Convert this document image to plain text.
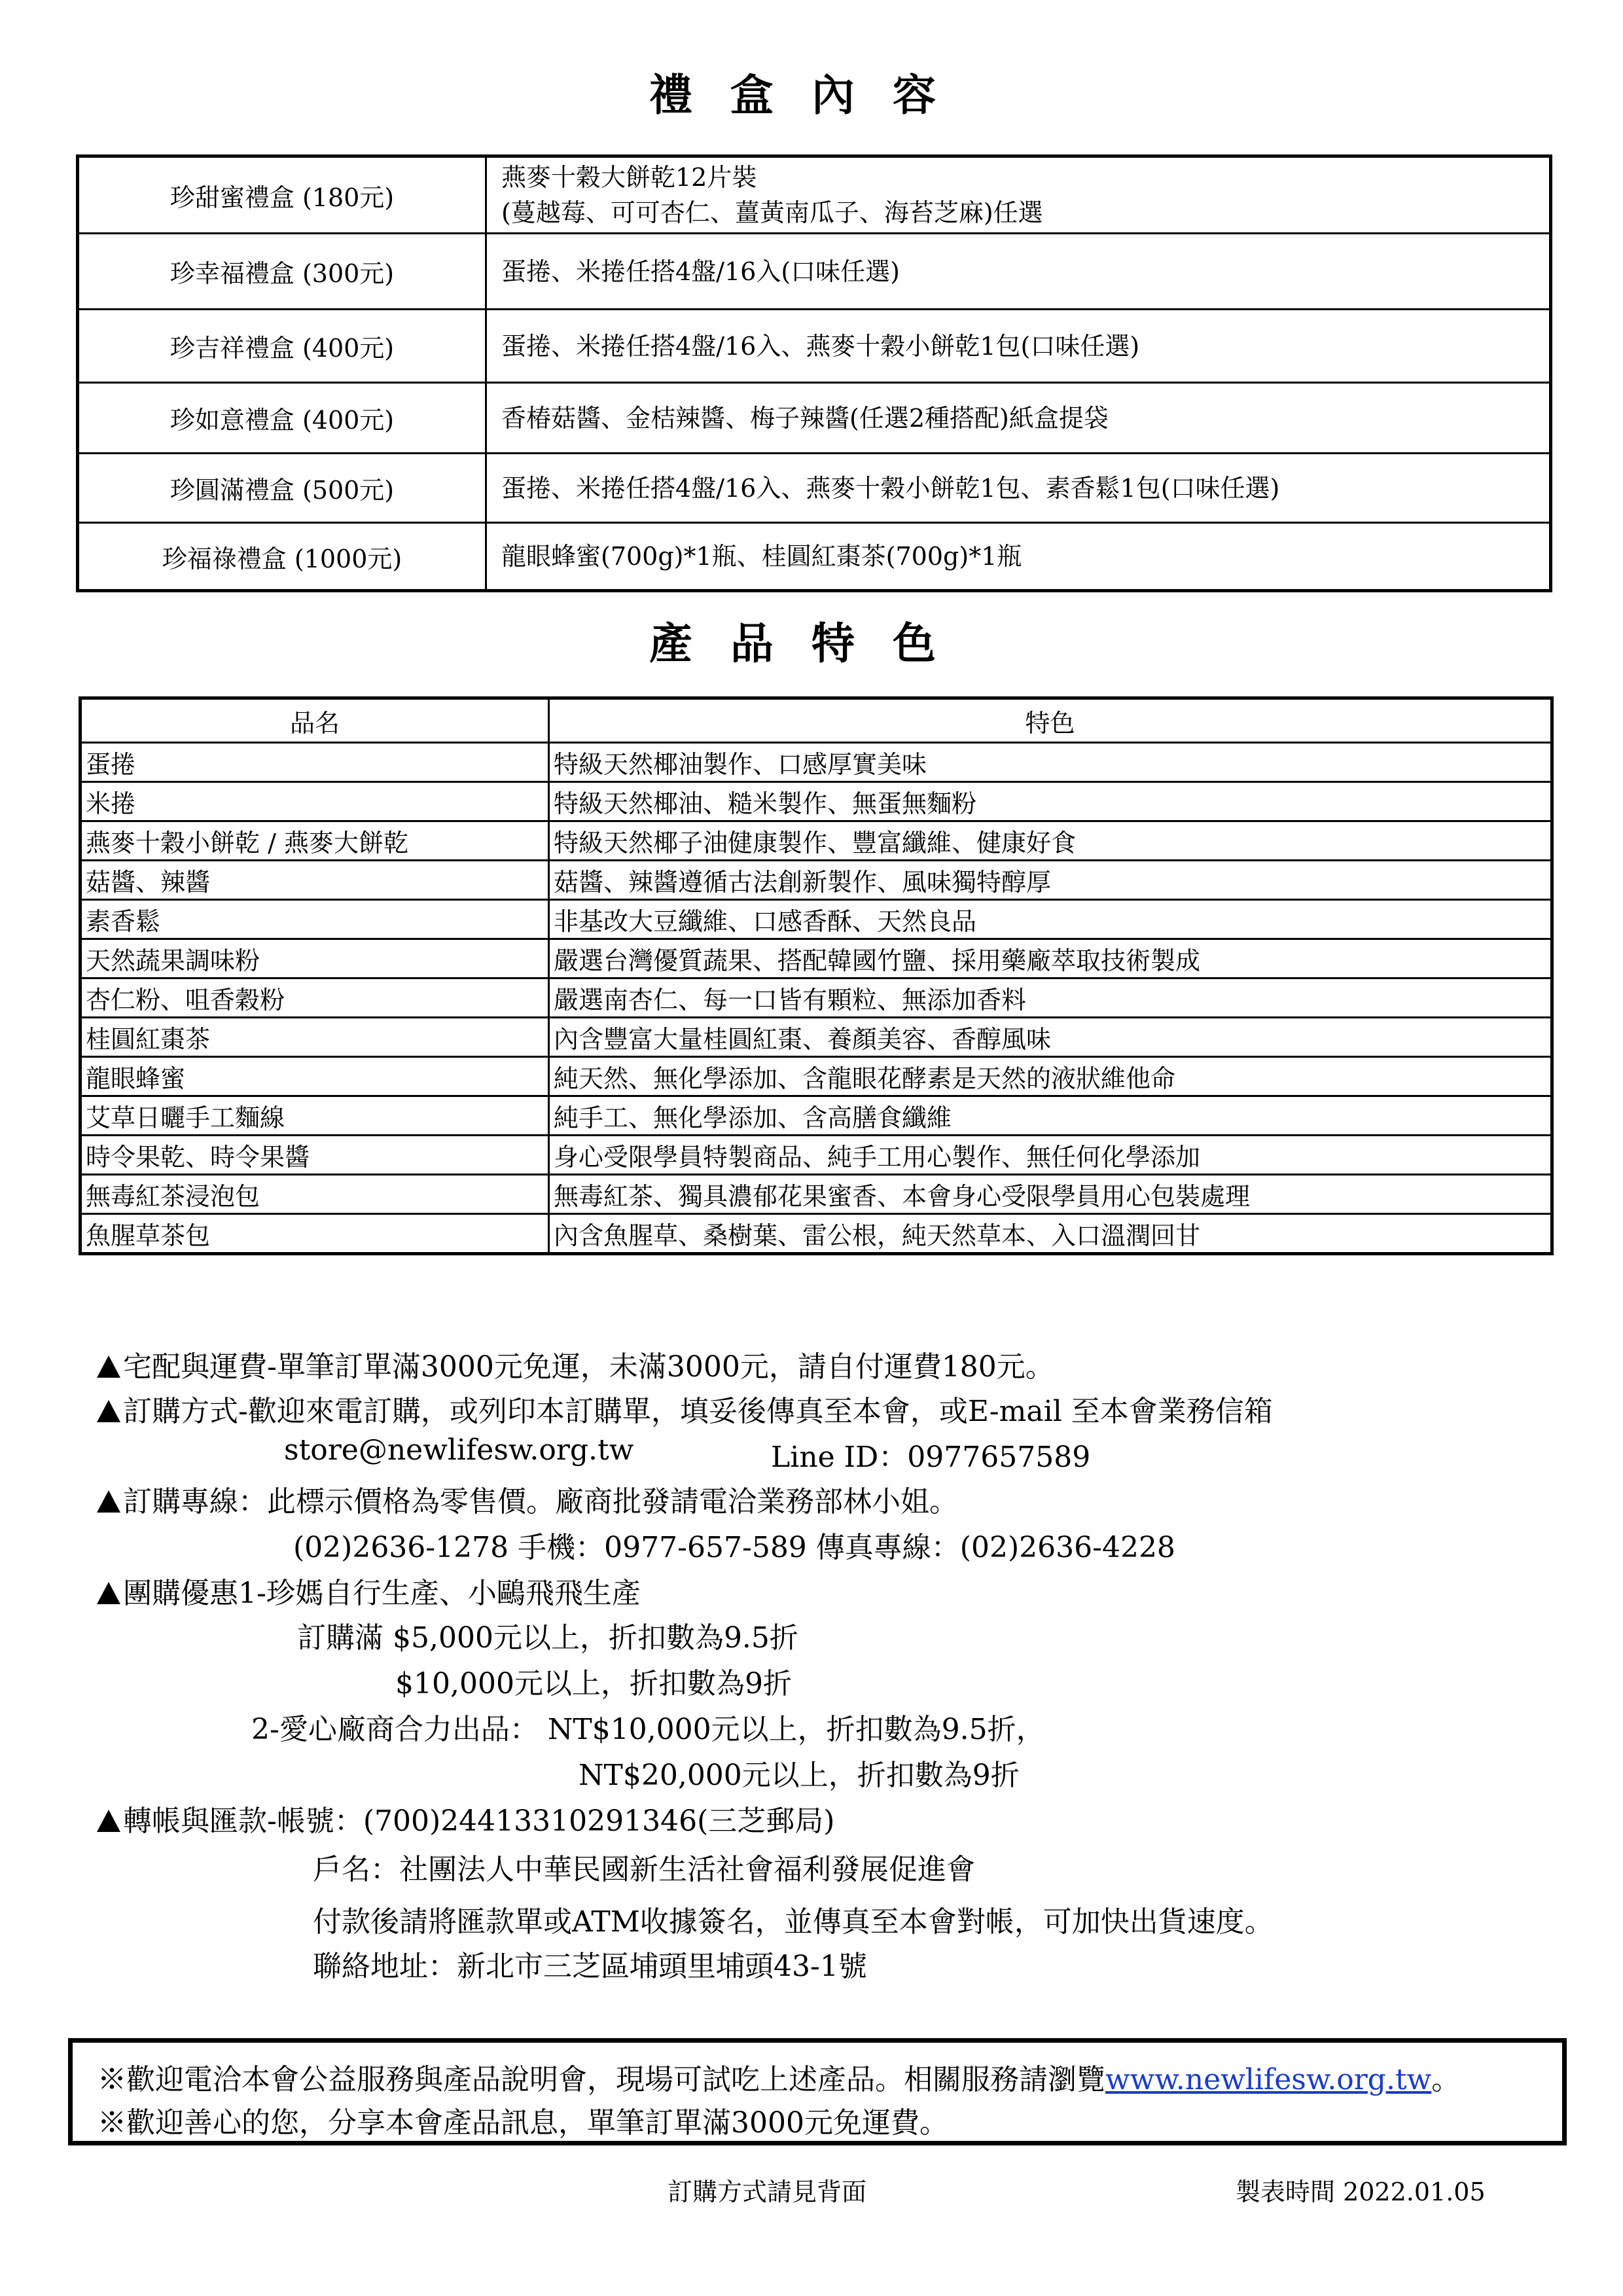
禮盒內容
產品特色
珍甜蜜禮盒 (180元)	燕麥十穀大餅乾12片裝
(蔓越莓、可可杏仁、薑黃南瓜子、海苔芝麻)任選

珍幸福禮盒 (300元)	蛋捲、米捲任搭4盤/16入(口味任選)

珍吉祥禮盒 (400元)	蛋捲、米捲任搭4盤/16入、燕麥十穀小餅乾1包(口味任選)

珍如意禮盒 (400元)	香椿菇醬、金桔辣醬、梅子辣醬(任選2種搭配)紙盒提袋

珍圓滿禮盒 (500元)	蛋捲、米捲任搭4盤/16入、燕麥十穀小餅乾1包、素香鬆1包(口味任選)

珍福祿禮盒 (1000元)	龍眼蜂蜜(700g)*1瓶、桂圓紅棗茶(700g)*1瓶
品名	特色
蛋捲	特級天然椰油製作、口感厚實美味
米捲	特級天然椰油、糙米製作、無蛋無麵粉
燕麥十穀小餅乾 / 燕麥大餅乾	特級天然椰子油健康製作、豐富纖維、健康好食
菇醬、辣醬	菇醬、辣醬遵循古法創新製作、風味獨特醇厚
素香鬆	非基改大豆纖維、口感香酥、天然良品
天然蔬果調味粉	嚴選台灣優質蔬果、搭配韓國竹鹽、採用藥廠萃取技術製成
杏仁粉、咀香穀粉	嚴選南杏仁、每一口皆有顆粒、無添加香料
桂圓紅棗茶	內含豐富大量桂圓紅棗、養顏美容、香醇風味
龍眼蜂蜜	純天然、無化學添加、含龍眼花酵素是天然的液狀維他命
艾草日曬手工麵線	純手工、無化學添加、含高膳食纖維
時令果乾、時令果醬	身心受限學員特製商品、純手工用心製作、無任何化學添加
無毒紅茶浸泡包	無毒紅茶、獨具濃郁花果蜜香、本會身心受限學員用心包裝處理
魚腥草茶包	內含魚腥草、桑樹葉、雷公根，純天然草本、入口溫潤回甘
宅配與運費-單筆訂單滿3000元免運，未滿3000元，請自付運費180元。
訂購方式-歡迎來電訂購，或列印本訂購單，填妥後傳真至本會，或E-mail 至本會業務信箱
store@newlifesw.org.tw	Line ID：0977657589
訂購專線：此標示價格為零售價。廠商批發請電洽業務部林小姐。
(02)2636-1278 手機：0977-657-589 傳真專線：(02)2636-4228
團購優惠1-珍媽自行生產、小鷗飛飛生產
訂購滿 $5,000元以上，折扣數為9.5折
$10,000元以上，折扣數為9折
2-愛心廠商合力出品： NT$10,000元以上，折扣數為9.5折，
NT$20,000元以上，折扣數為9折
轉帳與匯款-帳號：(700)24413310291346(三芝郵局)
戶名：社團法人中華民國新生活社會福利發展促進會
付款後請將匯款單或ATM收據簽名，並傳真至本會對帳，可加快出貨速度。
聯絡地址：新北市三芝區埔頭里埔頭43-1號
※歡迎電洽本會公益服務與產品說明會，現場可試吃上述產品。相關服務請瀏覽www.newlifesw.org.tw。
※歡迎善心的您，分享本會產品訊息，單筆訂單滿3000元免運費。
訂購方式請見背面	製表時間 2022.01.05
